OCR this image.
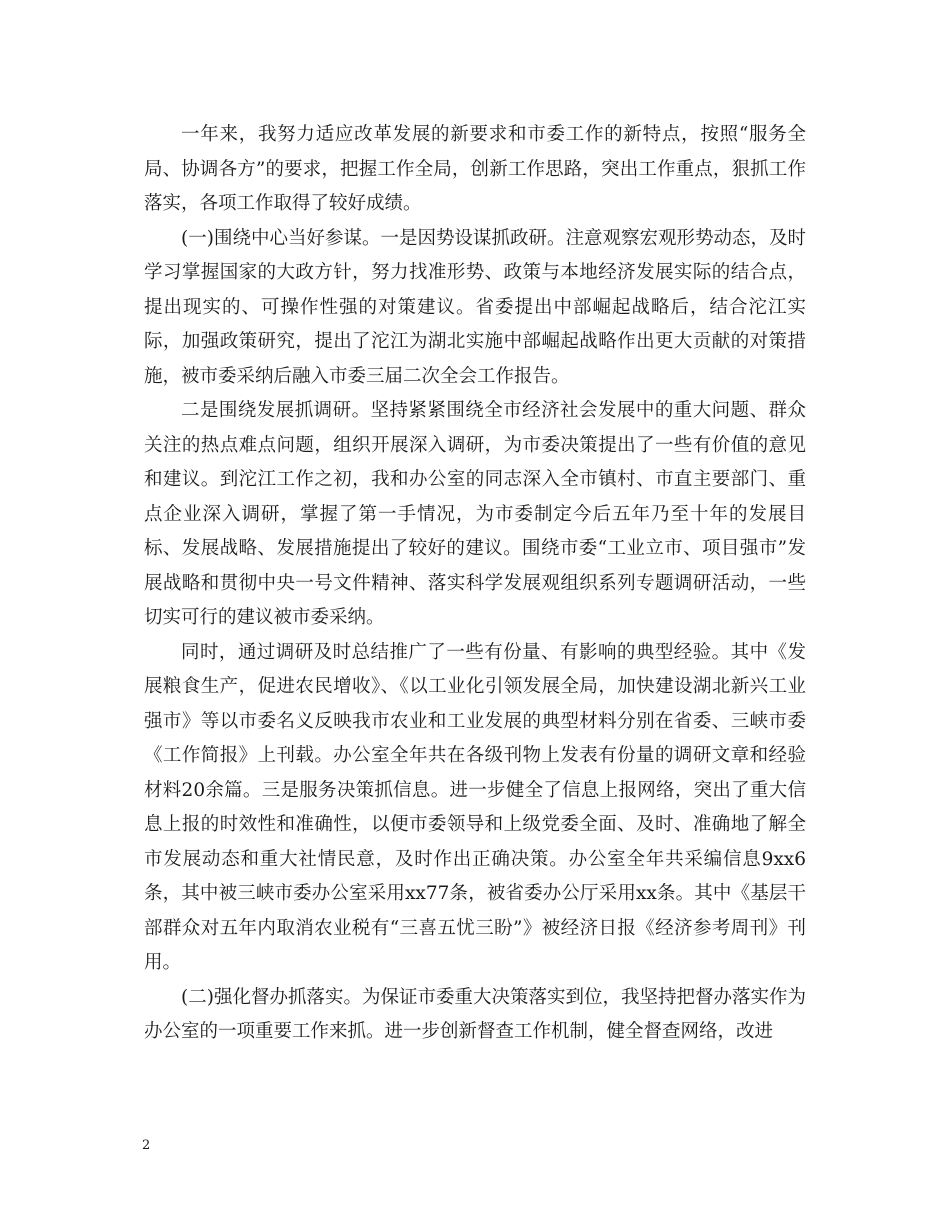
一年来，我努力适应改革发展的新要求和市委工作的新特点，按照“服务全局、协调各方”的要求，把握工作全局，创新工作思路，突出工作重点，狠抓工作落实，各项工作取得了较好成绩。

(一)围绕中心当好参谋。一是因势设谋抓政研。注意观察宏观形势动态，及时学习掌握国家的大政方针，努力找准形势、政策与本地经济发展实际的结合点，提出现实的、可操作性强的对策建议。省委提出中部崛起战略后，结合沱江实际，加强政策研究，提出了沱江为湖北实施中部崛起战略作出更大贡献的对策措施，被市委采纳后融入市委三届二次全会工作报告。

二是围绕发展抓调研。坚持紧紧围绕全市经济社会发展中的重大问题、群众关注的热点难点问题，组织开展深入调研，为市委决策提出了一些有价值的意见和建议。到沱江工作之初，我和办公室的同志深入全市镇村、市直主要部门、重点企业深入调研，掌握了第一手情况，为市委制定今后五年乃至十年的发展目标、发展战略、发展措施提出了较好的建议。围绕市委“工业立市、项目强市”发展战略和贯彻中央一号文件精神、落实科学发展观组织系列专题调研活动，一些切实可行的建议被市委采纳。

同时，通过调研及时总结推广了一些有份量、有影响的典型经验。其中《发展粮食生产，促进农民增收》、《以工业化引领发展全局，加快建设湖北新兴工业强市》等以市委名义反映我市农业和工业发展的典型材料分别在省委、三峡市委《工作简报》上刊载。办公室全年共在各级刊物上发表有份量的调研文章和经验材料20余篇。三是服务决策抓信息。进一步健全了信息上报网络，突出了重大信息上报的时效性和准确性，以便市委领导和上级党委全面、及时、准确地了解全市发展动态和重大社情民意，及时作出正确决策。办公室全年共采编信息9xx6条，其中被三峡市委办公室采用xx77条，被省委办公厅采用xx条。其中《基层干部群众对五年内取消农业税有“三喜五忧三盼”》被经济日报《经济参考周刊》刊用。

(二)强化督办抓落实。为保证市委重大决策落实到位，我坚持把督办落实作为办公室的一项重要工作来抓。进一步创新督查工作机制，健全督查网络，改进

2
